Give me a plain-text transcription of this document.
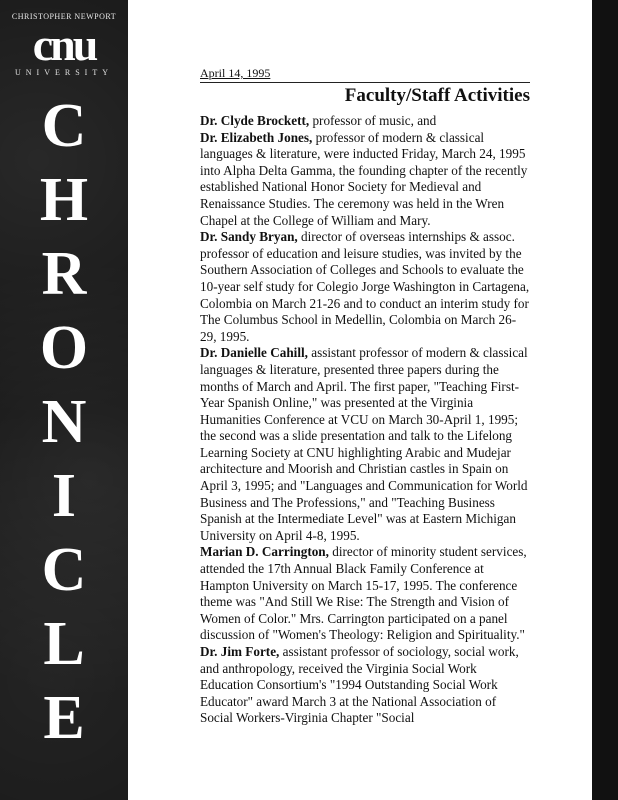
CHRISTOPHER NEWPORT
cnu
UNIVERSITY
C
H
R
O
N
I
C
L
E
April 14, 1995
Faculty/Staff Activities

Dr. Clyde Brockett, professor of music, and

Dr. Elizabeth Jones, professor of modern & classical languages & literature, were inducted Friday, March 24, 1995 into Alpha Delta Gamma, the founding chapter of the recently established National Honor Society for Medieval and Renaissance Studies. The ceremony was held in the Wren Chapel at the College of William and Mary.

Dr. Sandy Bryan, director of overseas internships & assoc. professor of education and leisure studies, was invited by the Southern Association of Colleges and Schools to evaluate the 10-year self study for Colegio Jorge Washington in Cartagena, Colombia on March 21-26 and to conduct an interim study for The Columbus School in Medellin, Colombia on March 26-29, 1995.

Dr. Danielle Cahill, assistant professor of modern & classical languages & literature, presented three papers during the months of March and April. The first paper, "Teaching First-Year Spanish Online," was presented at the Virginia Humanities Conference at VCU on March 30-April 1, 1995; the second was a slide presentation and talk to the Lifelong Learning Society at CNU highlighting Arabic and Mudejar architecture and Moorish and Christian castles in Spain on April 3, 1995; and "Languages and Communication for World Business and The Professions," and "Teaching Business Spanish at the Intermediate Level" was at Eastern Michigan University on April 4-8, 1995.

Marian D. Carrington, director of minority student services, attended the 17th Annual Black Family Conference at Hampton University on March 15-17, 1995. The conference theme was "And Still We Rise: The Strength and Vision of Women of Color." Mrs. Carrington participated on a panel discussion of "Women's Theology: Religion and Spirituality."

Dr. Jim Forte, assistant professor of sociology, social work, and anthropology, received the Virginia Social Work Education Consortium's "1994 Outstanding Social Work Educator" award March 3 at the National Association of Social Workers-Virginia Chapter "Social
